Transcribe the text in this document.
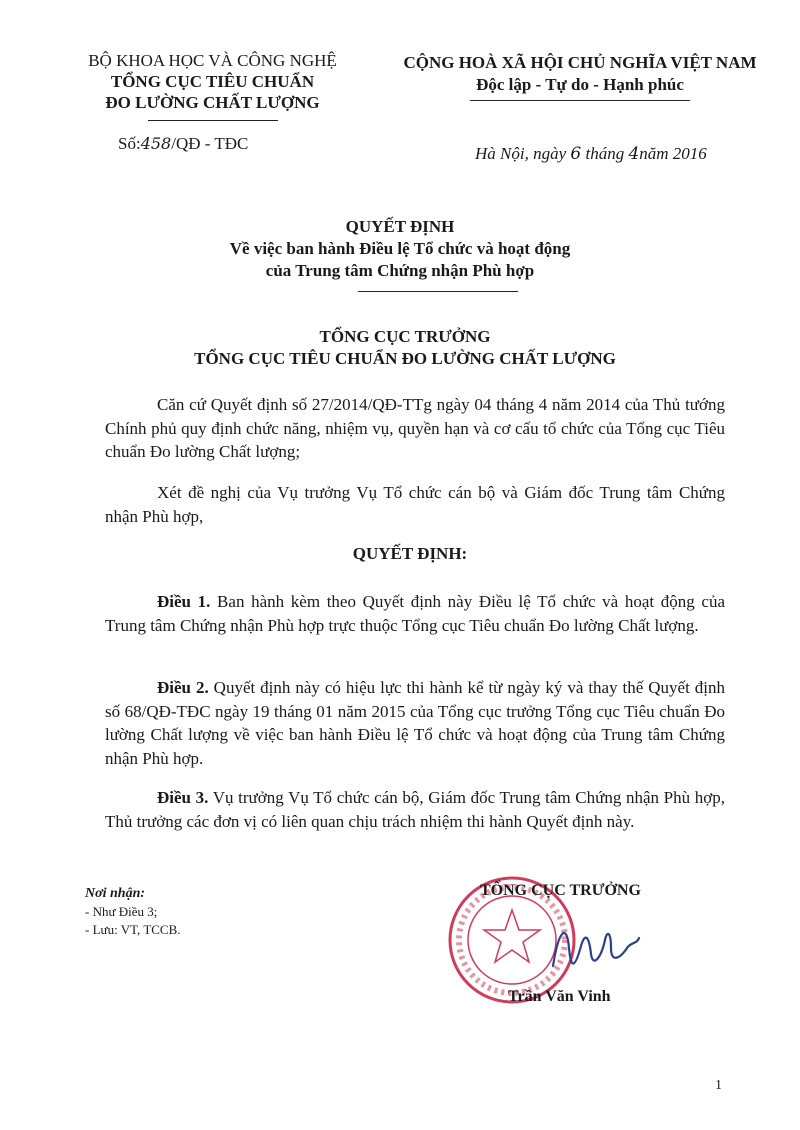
BỘ KHOA HỌC VÀ CÔNG NGHỆ
TỔNG CỤC TIÊU CHUẨN
ĐO LƯỜNG CHẤT LƯỢNG
CỘNG HOÀ XÃ HỘI CHỦ NGHĨA VIỆT NAM
Độc lập - Tự do - Hạnh phúc
Số:458/QĐ - TĐC
Hà Nội, ngày 6 tháng 4năm 2016
QUYẾT ĐỊNH
Về việc ban hành Điều lệ Tổ chức và hoạt động
của Trung tâm Chứng nhận Phù hợp
TỔNG CỤC TRƯỞNG
TỔNG CỤC TIÊU CHUẨN ĐO LƯỜNG CHẤT LƯỢNG
Căn cứ Quyết định số 27/2014/QĐ-TTg ngày 04 tháng 4 năm 2014 của Thủ tướng Chính phủ quy định chức năng, nhiệm vụ, quyền hạn và cơ cấu tổ chức của Tổng cục Tiêu chuẩn Đo lường Chất lượng;
Xét đề nghị của Vụ trưởng Vụ Tổ chức cán bộ và Giám đốc Trung tâm Chứng nhận Phù hợp,
QUYẾT ĐỊNH:
Điều 1. Ban hành kèm theo Quyết định này Điều lệ Tổ chức và hoạt động của Trung tâm Chứng nhận Phù hợp trực thuộc Tổng cục Tiêu chuẩn Đo lường Chất lượng.
Điều 2. Quyết định này có hiệu lực thi hành kể từ ngày ký và thay thế Quyết định số 68/QĐ-TĐC ngày 19 tháng 01 năm 2015 của Tổng cục trưởng Tổng cục Tiêu chuẩn Đo lường Chất lượng về việc ban hành Điều lệ Tổ chức và hoạt động của Trung tâm Chứng nhận Phù hợp.
Điều 3. Vụ trưởng Vụ Tổ chức cán bộ, Giám đốc Trung tâm Chứng nhận Phù hợp, Thủ trưởng các đơn vị có liên quan chịu trách nhiệm thi hành Quyết định này.
Nơi nhận:
- Như Điều 3;
- Lưu: VT, TCCB.
TỔNG CỤC TRƯỞNG
Trần Văn Vinh
1
